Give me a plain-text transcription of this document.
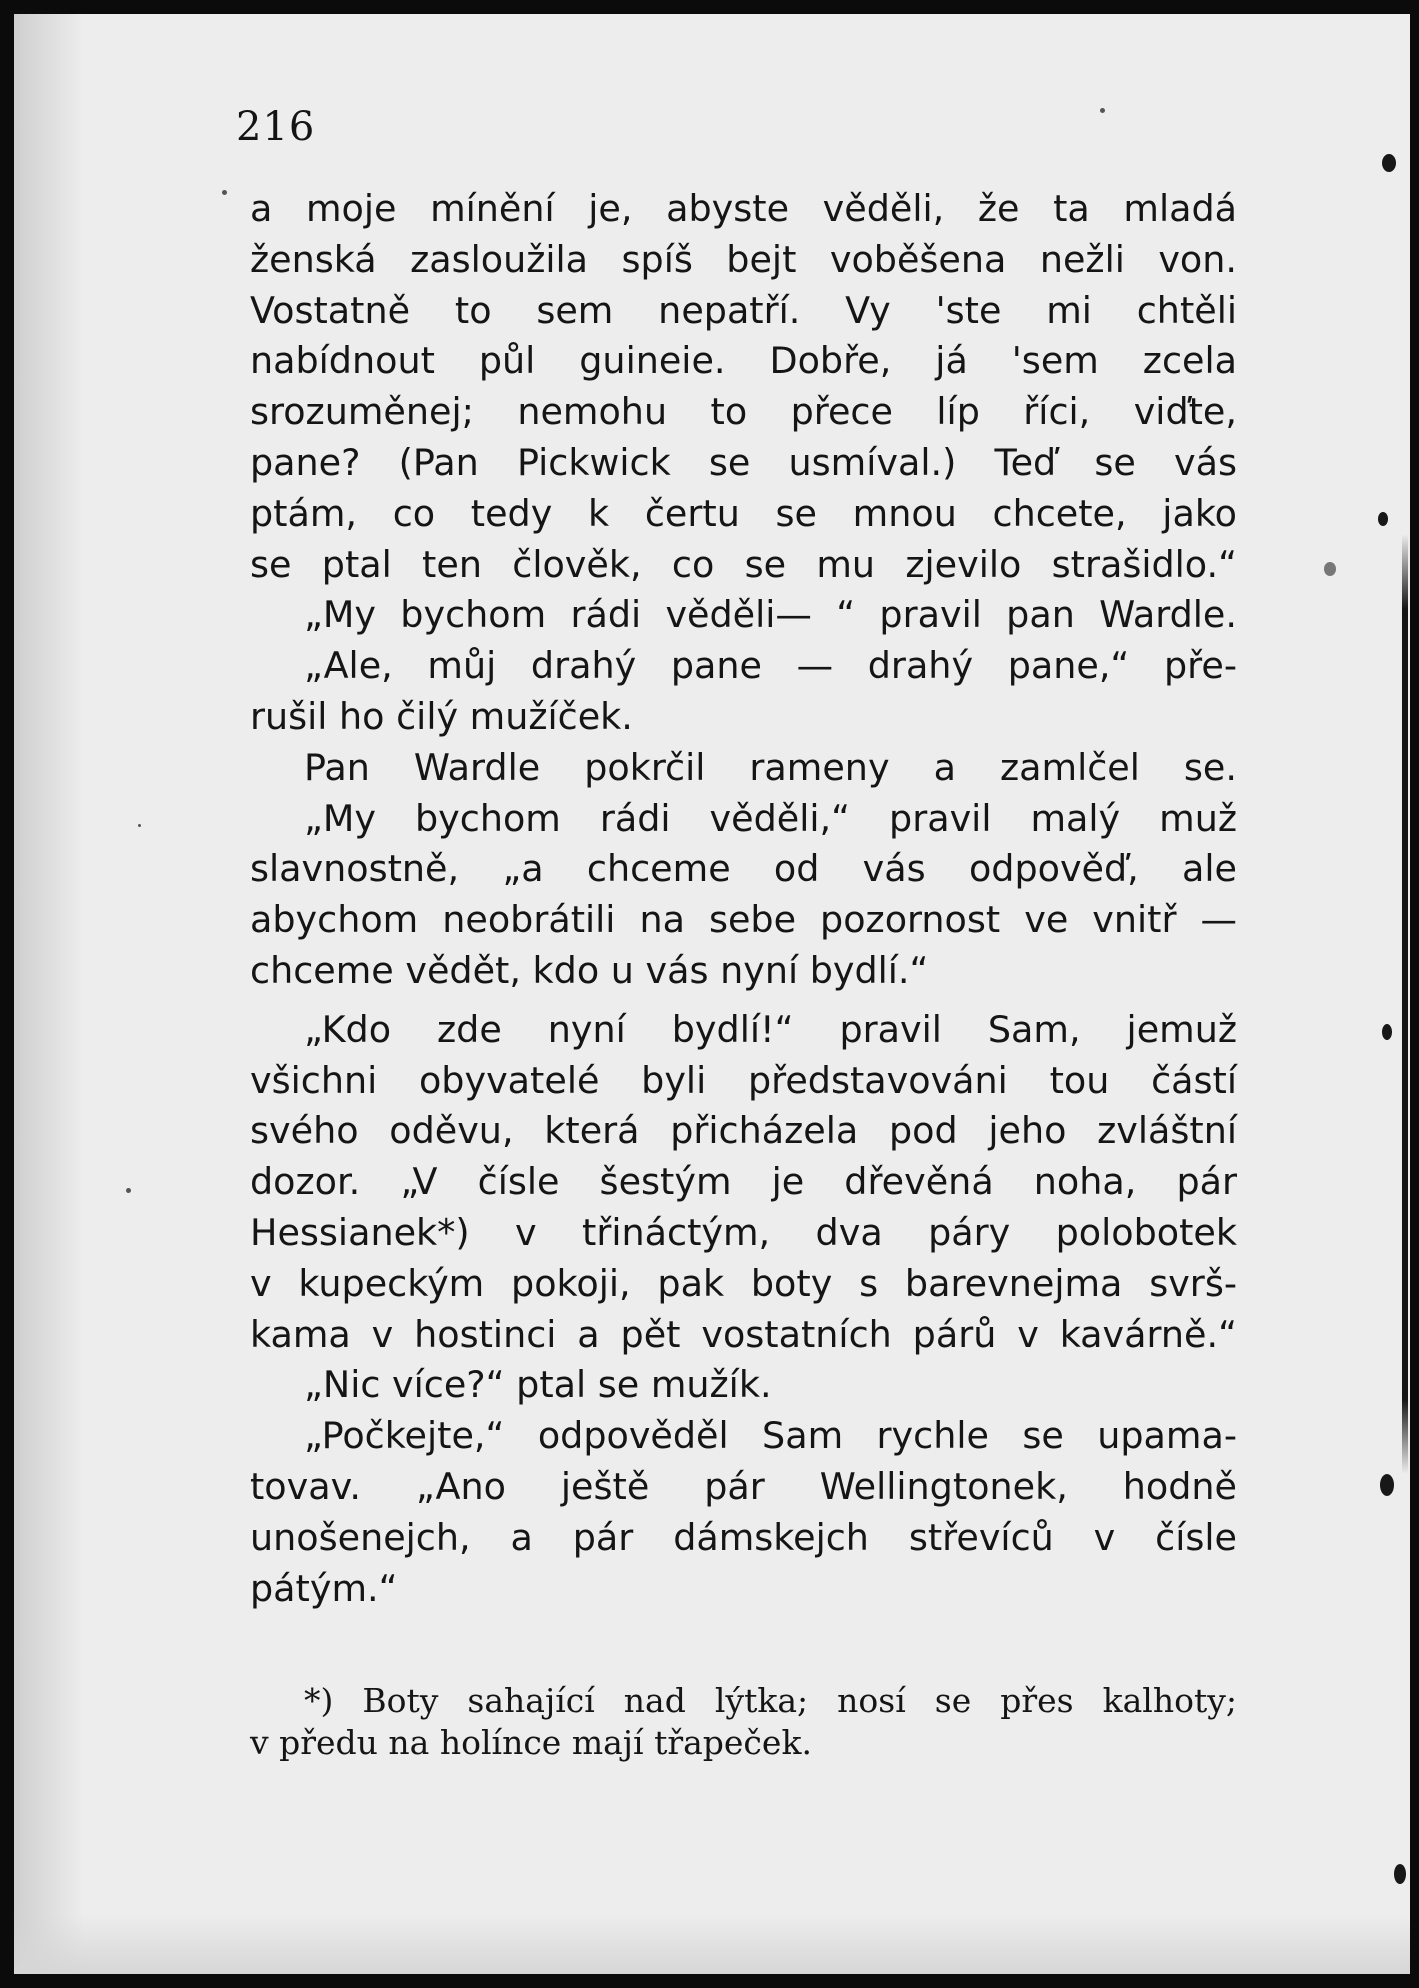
216
a moje mínění je, abyste věděli, že ta mladá
ženská zasloužila spíš bejt voběšena nežli von.
Vostatně to sem nepatří. Vy 'ste mi chtěli
nabídnout půl guineie. Dobře, já 'sem zcela
srozuměnej; nemohu to přece líp říci, viďte,
pane? (Pan Pickwick se usmíval.) Teď se vás
ptám, co tedy k čertu se mnou chcete, jako
se ptal ten člověk, co se mu zjevilo strašidlo.“
„My bychom rádi věděli— “ pravil pan Wardle.
„Ale, můj drahý pane — drahý pane,“ pře-
rušil ho čilý mužíček.
Pan Wardle pokrčil rameny a zamlčel se.
„My bychom rádi věděli,“ pravil malý muž
slavnostně, „a chceme od vás odpověď, ale
abychom neobrátili na sebe pozornost ve vnitř —
chceme vědět, kdo u vás nyní bydlí.“
„Kdo zde nyní bydlí!“ pravil Sam, jemuž
všichni obyvatelé byli představováni tou částí
svého oděvu, která přicházela pod jeho zvláštní
dozor. „V čísle šestým je dřevěná noha, pár
Hessianek*) v třináctým, dva páry polobotek
v kupeckým pokoji, pak boty s barevnejma svrš-
kama v hostinci a pět vostatních párů v kavárně.“
„Nic více?“ ptal se mužík.
„Počkejte,“ odpověděl Sam rychle se upama-
tovav. „Ano ještě pár Wellingtonek, hodně
unošenejch, a pár dámskejch střevíců v čísle
pátým.“
*) Boty sahající nad lýtka; nosí se přes kalhoty;
v předu na holínce mají třapeček.
